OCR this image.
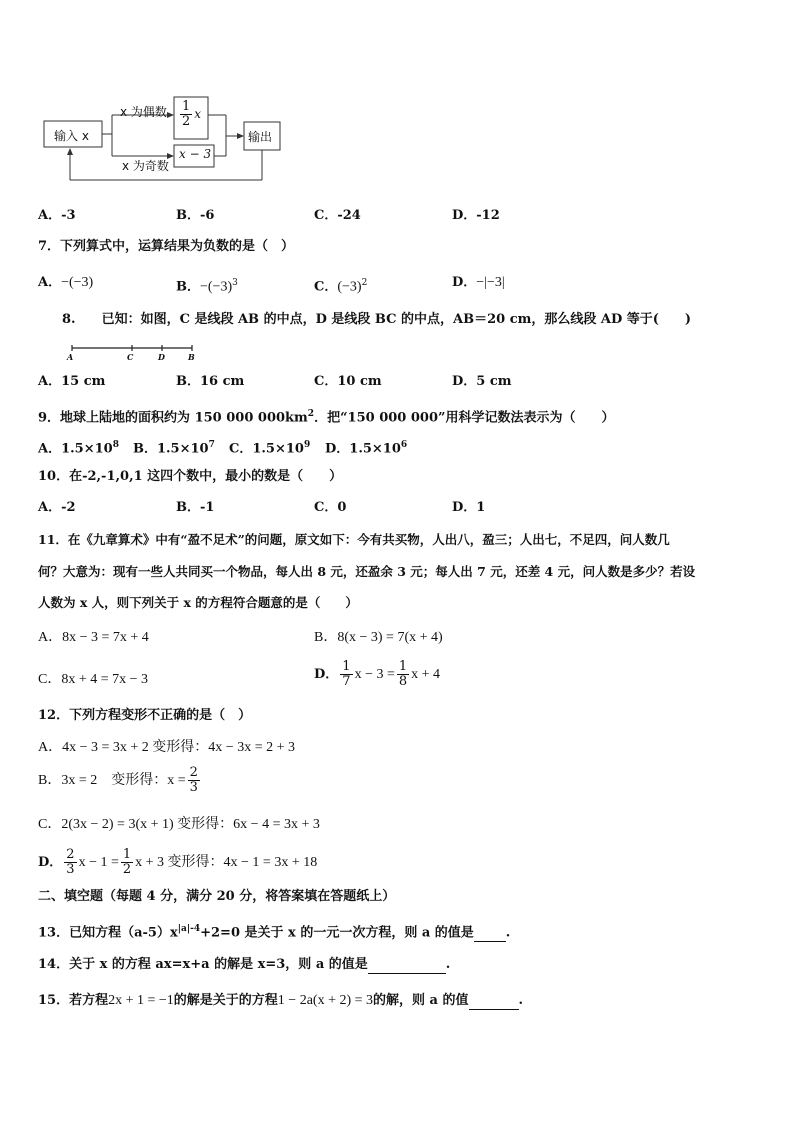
输入 x
x 为偶数
x 为奇数
$\frac{1}{2}$ x
x − 3
输出
A．-3	B．-6	C．-24	D．-12
7．下列算式中，运算结果为负数的是（　）
A．−(−3)	B．$-(-3)^3$	C．$(-3)^2$	D．−|−3|
8.　　已知：如图，C 是线段 AB 的中点，D 是线段 BC 的中点，AB＝20 cm，那么线段 AD 等于(　　)
A	C	D	B
A．15 cm	B．16 cm	C．10 cm	D．5 cm
9．地球上陆地的面积约为 150 000 $000km^2$．把“150 000 000”用科学记数法表示为（　　）
A．$1.5\times 10^8$ B．$1.5\times 10^7$ C．$1.5\times 10^9$ D．$1.5\times 10^6$
10．在-2,-1,0,1 这四个数中，最小的数是（　　）
A．-2	B．-1	C．0	D．1
11．在《九章算术》中有“盈不足术”的问题，原文如下：今有共买物，人出八，盈三；人出七，不足四，问人数几
何？大意为：现有一些人共同买一个物品，每人出 8 元，还盈余 3 元；每人出 7 元，还差 4 元，问人数是多少？若设
人数为 x 人，则下列关于 x 的方程符合题意的是（　　）
A．8x − 3 = 7x + 4	B．8(x − 3) = 7(x + 4)
C．8x + 4 = 7x − 3	D． $\frac{1}{7}$ $x - 3 = \frac{1}{8}$ x + 4
12．下列方程变形不正确的是（　）
A．4x − 3 = 3x + 2 变形得：4x − 3x = 2 + 3
B．3x = 2　变形得：$x = \frac{2}{3}$
C．2(3x − 2) = 3(x + 1) 变形得：6x − 4 = 3x + 3
D． $\frac{2}{3}$ $x - 1 = \frac{1}{2}$ x + 3 变形得：4x − 1 = 3x + 18
二、填空题（每题 4 分，满分 20 分，将答案填在答题纸上）
13．已知方程$(a-5)x^{|a|-4}+2=0$ 是关于 x 的一元一次方程，则 a 的值是 .
14．关于 x 的方程 ax=x+a 的解是 x=3，则 a 的值是	.
15．若方程2x + 1 = −1的解是关于的方程1 − 2a(x + 2) = 3的解，则 a 的值	.
